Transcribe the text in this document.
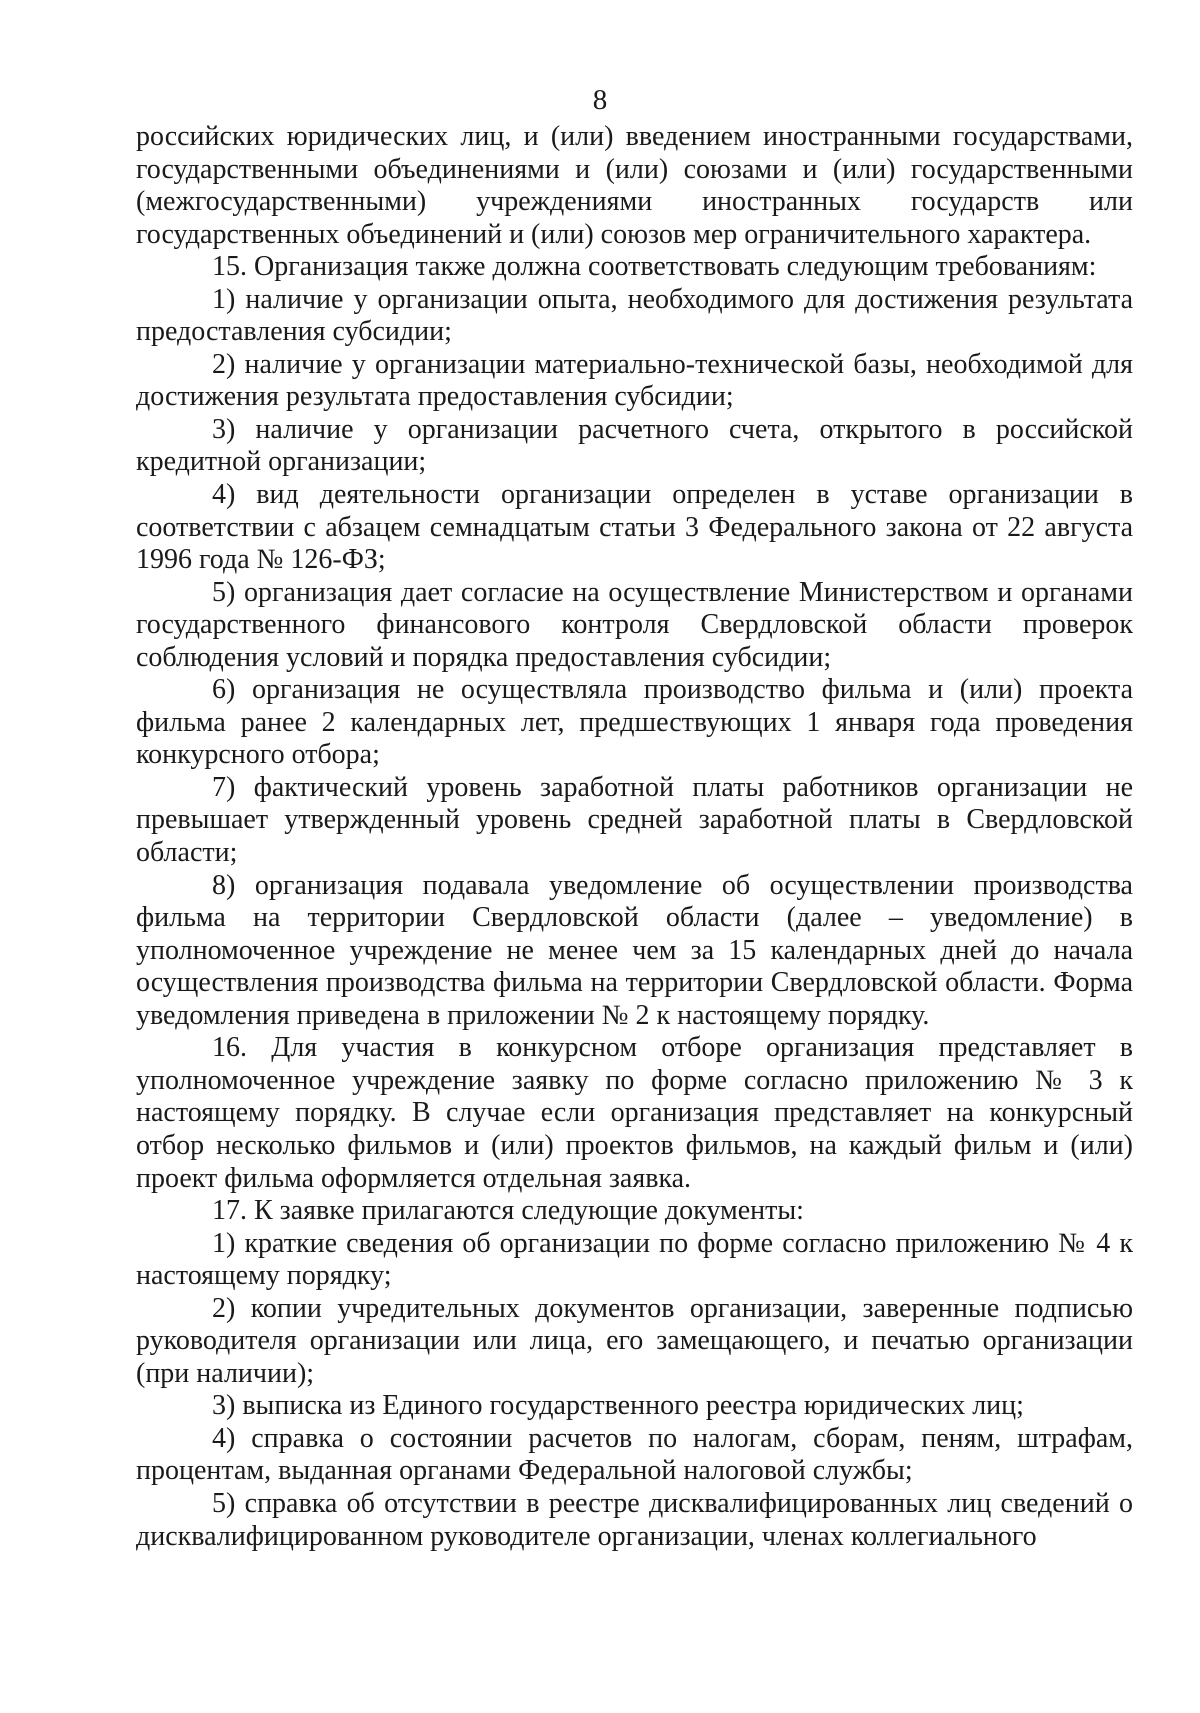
8

российских юридических лиц, и (или) введением иностранными государствами, государственными объединениями и (или) союзами и (или) государственными (межгосударственными) учреждениями иностранных государств или государственных объединений и (или) союзов мер ограничительного характера.

15. Организация также должна соответствовать следующим требованиям:

1) наличие у организации опыта, необходимого для достижения результата предоставления субсидии;

2) наличие у организации материально-технической базы, необходимой для достижения результата предоставления субсидии;

3) наличие у организации расчетного счета, открытого в российской кредитной организации;

4) вид деятельности организации определен в уставе организации в соответствии с абзацем семнадцатым статьи 3 Федерального закона от 22 августа 1996 года № 126-ФЗ;

5) организация дает согласие на осуществление Министерством и органами государственного финансового контроля Свердловской области проверок соблюдения условий и порядка предоставления субсидии;

6) организация не осуществляла производство фильма и (или) проекта фильма ранее 2 календарных лет, предшествующих 1 января года проведения конкурсного отбора;

7) фактический уровень заработной платы работников организации не превышает утвержденный уровень средней заработной платы в Свердловской области;

8) организация подавала уведомление об осуществлении производства фильма на территории Свердловской области (далее – уведомление) в уполномоченное учреждение не менее чем за 15 календарных дней до начала осуществления производства фильма на территории Свердловской области. Форма уведомления приведена в приложении № 2 к настоящему порядку.

16. Для участия в конкурсном отборе организация представляет в уполномоченное учреждение заявку по форме согласно приложению № 3 к настоящему порядку. В случае если организация представляет на конкурсный отбор несколько фильмов и (или) проектов фильмов, на каждый фильм и (или) проект фильма оформляется отдельная заявка.

17. К заявке прилагаются следующие документы:

1) краткие сведения об организации по форме согласно приложению № 4 к настоящему порядку;

2) копии учредительных документов организации, заверенные подписью руководителя организации или лица, его замещающего, и печатью организации (при наличии);

3) выписка из Единого государственного реестра юридических лиц;

4) справка о состоянии расчетов по налогам, сборам, пеням, штрафам, процентам, выданная органами Федеральной налоговой службы;

5) справка об отсутствии в реестре дисквалифицированных лиц сведений о дисквалифицированном руководителе организации, членах коллегиального
